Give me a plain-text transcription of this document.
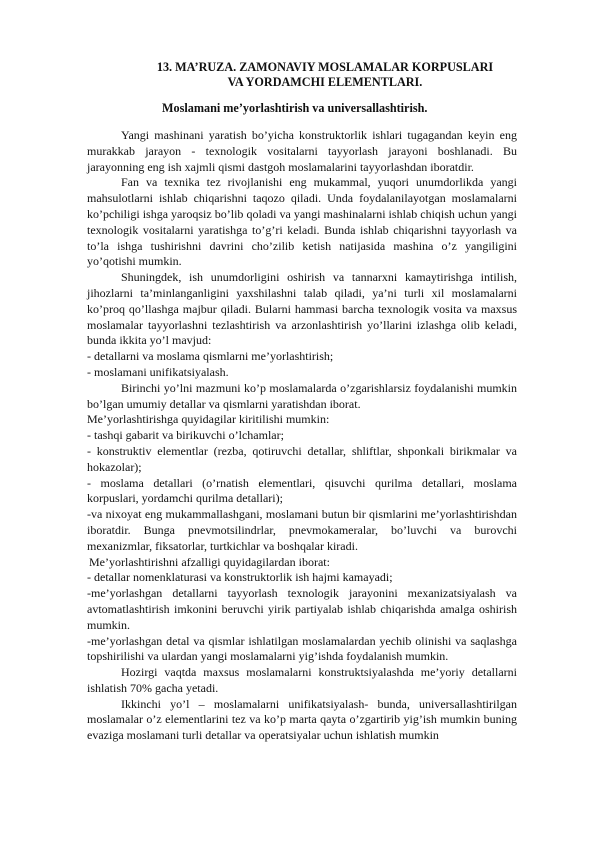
13. MA’RUZA. ZAMONAVIY MOSLAMALAR KORPUSLARI
VA YORDAMCHI ELEMENTLARI.
Moslamani me’yorlashtirish va universallashtirish.

Yangi mashinani yaratish bo’yicha konstruktorlik ishlari tugagandan keyin eng murakkab jarayon - texnologik vositalarni tayyorlash jarayoni boshlanadi. Bu jarayonning eng ish xajmli qismi dastgoh moslamalarini tayyorlashdan iboratdir.

Fan va texnika tez rivojlanishi eng mukammal, yuqori unumdorlikda yangi mahsulotlarni ishlab chiqarishni taqozo qiladi. Unda foydalanilayotgan moslamalarni ko’pchiligi ishga yaroqsiz bo’lib qoladi va yangi mashinalarni ishlab chiqish uchun yangi texnologik vositalarni yaratishga to’g’ri keladi. Bunda ishlab chiqarishni tayyorlash va to’la ishga tushirishni davrini cho’zilib ketish natijasida mashina o’z yangiligini yo’qotishi mumkin.

Shuningdek, ish unumdorligini oshirish va tannarxni kamaytirishga intilish, jihozlarni ta’minlanganligini yaxshilashni talab qiladi, ya’ni turli xil moslamalarni ko’proq qo’llashga majbur qiladi. Bularni hammasi barcha texnologik vosita va maxsus moslamalar tayyorlashni tezlashtirish va arzonlashtirish yo’llarini izlashga olib keladi, bunda ikkita yo’l mavjud:

- detallarni va moslama qismlarni me’yorlashtirish;

- moslamani unifikatsiyalash.

Birinchi yo’lni mazmuni ko’p moslamalarda o’zgarishlarsiz foydalanishi mumkin bo’lgan umumiy detallar va qismlarni yaratishdan iborat.

Me’yorlashtirishga quyidagilar kiritilishi mumkin:

- tashqi gabarit va birikuvchi o’lchamlar;

- konstruktiv elementlar (rezba, qotiruvchi detallar, shliftlar, shponkali birikmalar va hokazolar);

- moslama detallari (o’rnatish elementlari, qisuvchi qurilma detallari, moslama korpuslari, yordamchi qurilma detallari);

-va nixoyat eng mukammallashgani, moslamani butun bir qismlarini me’yorlashtirishdan iboratdir. Bunga pnevmotsilindrlar, pnevmokameralar, bo’luvchi va burovchi mexanizmlar, fiksatorlar, turtkichlar va boshqalar kiradi.

Me’yorlashtirishni afzalligi quyidagilardan iborat:

- detallar nomenklaturasi va konstruktorlik ish hajmi kamayadi;

-me’yorlashgan detallarni tayyorlash texnologik jarayonini mexanizatsiyalash va avtomatlashtirish imkonini beruvchi yirik partiyalab ishlab chiqarishda amalga oshirish mumkin.

-me’yorlashgan detal va qismlar ishlatilgan moslamalardan yechib olinishi va saqlashga topshirilishi va ulardan yangi moslamalarni yig’ishda foydalanish mumkin.

Hozirgi vaqtda maxsus moslamalarni konstruktsiyalashda me’yoriy detallarni ishlatish 70% gacha yetadi.

Ikkinchi yo’l – moslamalarni unifikatsiyalash- bunda, universallashtirilgan moslamalar o’z elementlarini tez va ko’p marta qayta o’zgartirib yig’ish mumkin buning evaziga moslamani turli detallar va operatsiyalar uchun ishlatish mumkin
